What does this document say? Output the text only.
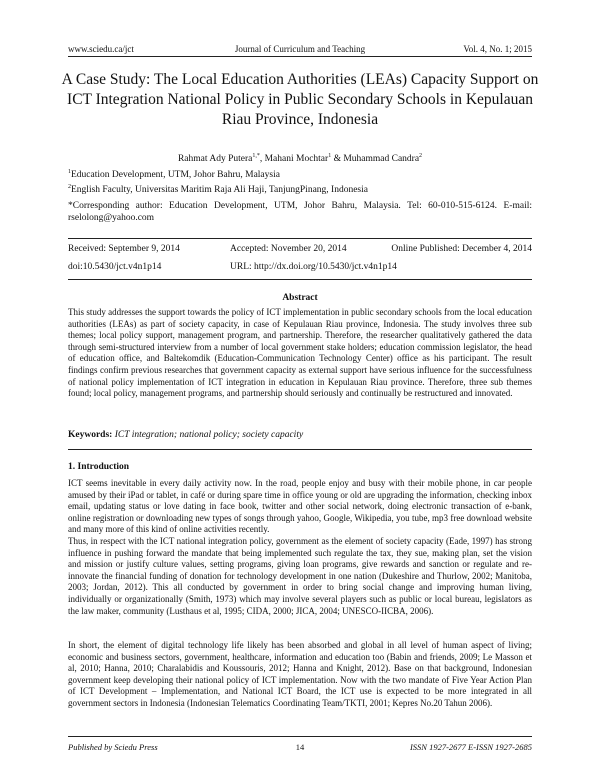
www.sciedu.ca/jct	Journal of Curriculum and Teaching	Vol. 4, No. 1; 2015
A Case Study: The Local Education Authorities (LEAs) Capacity Support on ICT Integration National Policy in Public Secondary Schools in Kepulauan Riau Province, Indonesia
Rahmat Ady Putera$^{1,*}$, Mahani Mochtar$^1$ & Muhammad Candra$^2$
$^1$Education Development, UTM, Johor Bahru, Malaysia
$^2$English Faculty, Universitas Maritim Raja Ali Haji, TanjungPinang, Indonesia
*Corresponding author: Education Development, UTM, Johor Bahru, Malaysia. Tel: 60-010-515-6124. E-mail: rselolong@yahoo.com
Received: September 9, 2014	Accepted: November 20, 2014	Online Published: December 4, 2014
doi:10.5430/jct.v4n1p14	URL: http://dx.doi.org/10.5430/jct.v4n1p14
Abstract
This study addresses the support towards the policy of ICT implementation in public secondary schools from the local education authorities (LEAs) as part of society capacity, in case of Kepulauan Riau province, Indonesia. The study involves three sub themes; local policy support, management program, and partnership. Therefore, the researcher qualitatively gathered the data through semi-structured interview from a number of local government stake holders; education commission legislator, the head of education office, and Baltekomdik (Education-Communication Technology Center) office as his participant. The result findings confirm previous researches that government capacity as external support have serious influence for the successfulness of national policy implementation of ICT integration in education in Kepulauan Riau province. Therefore, three sub themes found; local policy, management programs, and partnership should seriously and continually be restructured and innovated.
Keywords: ICT integration; national policy; society capacity
1. Introduction
ICT seems inevitable in every daily activity now. In the road, people enjoy and busy with their mobile phone, in car people amused by their iPad or tablet, in café or during spare time in office young or old are upgrading the information, checking inbox email, updating status or love dating in face book, twitter and other social network, doing electronic transaction of e-bank, online registration or downloading new types of songs through yahoo, Google, Wikipedia, you tube, mp3 free download website and many more of this kind of online activities recently.
Thus, in respect with the ICT national integration policy, government as the element of society capacity (Eade, 1997) has strong influence in pushing forward the mandate that being implemented such regulate the tax, they sue, making plan, set the vision and mission or justify culture values, setting programs, giving loan programs, give rewards and sanction or regulate and re-innovate the financial funding of donation for technology development in one nation (Dukeshire and Thurlow, 2002; Manitoba, 2003; Jordan, 2012). This all conducted by government in order to bring social change and improving human living, individually or organizationally (Smith, 1973) which may involve several players such as public or local bureau, legislators as the law maker, community (Lusthaus et al, 1995; CIDA, 2000; JICA, 2004; UNESCO-IICBA, 2006).
In short, the element of digital technology life likely has been absorbed and global in all level of human aspect of living; economic and business sectors, government, healthcare, information and education too (Babin and friends, 2009; Le Masson et al, 2010; Hanna, 2010; Charalabidis and Koussouris, 2012; Hanna and Knight, 2012). Base on that background, Indonesian government keep developing their national policy of ICT implementation. Now with the two mandate of Five Year Action Plan of ICT Development – Implementation, and National ICT Board, the ICT use is expected to be more integrated in all government sectors in Indonesia (Indonesian Telematics Coordinating Team/TKTI, 2001; Kepres No.20 Tahun 2006).
Published by Sciedu Press	14	ISSN 1927-2677 E-ISSN 1927-2685
